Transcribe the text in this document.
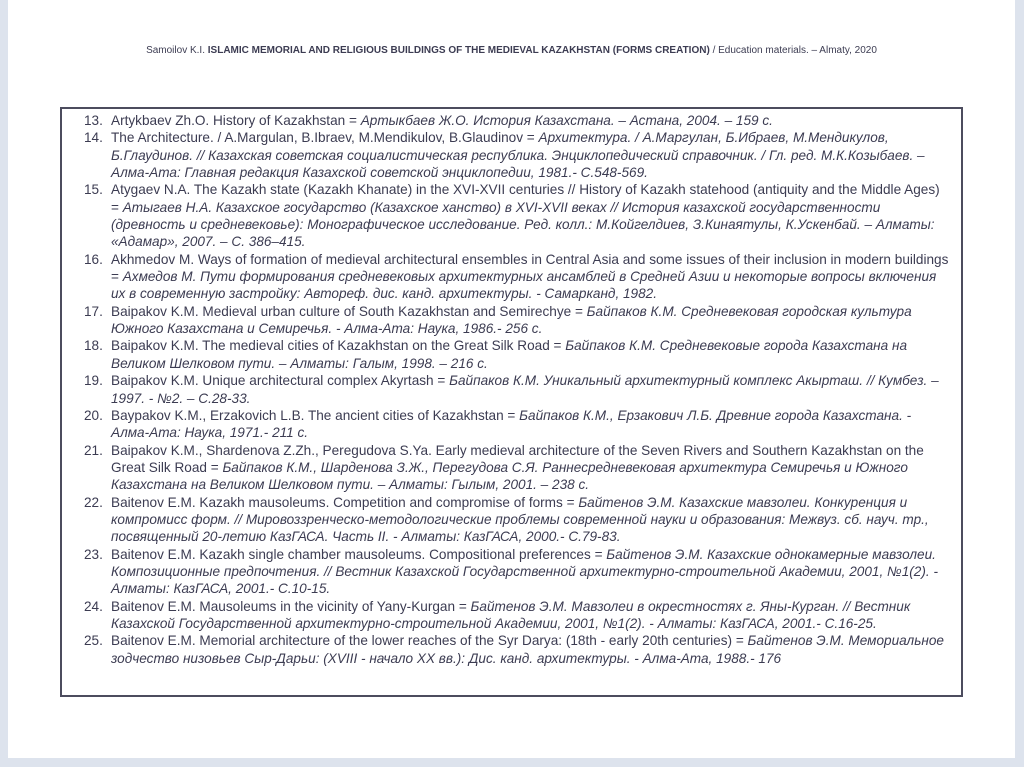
Samoilov K.I. ISLAMIC MEMORIAL AND RELIGIOUS BUILDINGS OF THE MEDIEVAL KAZAKHSTAN (FORMS CREATION) / Education materials. – Almaty, 2020
13. Artykbaev Zh.O. History of Kazakhstan = Артыкбаев Ж.О. История Казахстана. – Астана, 2004. – 159 с.
14. The Architecture. / A.Margulan, B.Ibraev, M.Mendikulov, B.Glaudinov = Архитектура. / А.Маргулан, Б.Ибраев, М.Мендикулов, Б.Глаудинов. // Казахская советская социалистическая республика. Энциклопедический справочник. / Гл. ред. М.К.Козыбаев. – Алма-Ата: Главная редакция Казахской советской энциклопедии, 1981.- С.548-569.
15. Atygaev N.A. The Kazakh state (Kazakh Khanate) in the XVI-XVII centuries // History of Kazakh statehood (antiquity and the Middle Ages) = Атыгаев Н.А. Казахское государство (Казахское ханство) в XVI-XVII веках // История казахской государственности (древность и средневековье): Монографическое исследование. Ред. колл.: М.Койгелдиев, З.Кинаятулы, К.Ускенбай. – Алматы: «Адамар», 2007. – С. 386–415.
16. Akhmedov M. Ways of formation of medieval architectural ensembles in Central Asia and some issues of their inclusion in modern buildings = Ахмедов М. Пути формирования средневековых архитектурных ансамблей в Средней Азии и некоторые вопросы включения их в современную застройку: Автореф. дис. канд. архитектуры. - Самарканд, 1982.
17. Baipakov K.M. Medieval urban culture of South Kazakhstan and Semirechye = Байпаков К.М. Средневековая городская культура Южного Казахстана и Семиречья. - Алма-Ата: Наука, 1986.- 256 с.
18. Baipakov K.M. The medieval cities of Kazakhstan on the Great Silk Road = Байпаков К.М. Средневековые города Казахстана на Великом Шелковом пути. – Алматы: Галым, 1998. – 216 с.
19. Baipakov K.M. Unique architectural complex Akyrtash = Байпаков К.М. Уникальный архитектурный комплекс Акырташ. // Кумбез. – 1997. - №2. – С.28-33.
20. Baypakov K.M., Erzakovich L.B. The ancient cities of Kazakhstan = Байпаков К.М., Ерзакович Л.Б. Древние города Казахстана. - Алма-Ата: Наука, 1971.- 211 с.
21. Baipakov K.M., Shardenova Z.Zh., Peregudova S.Ya. Early medieval architecture of the Seven Rivers and Southern Kazakhstan on the Great Silk Road = Байпаков К.М., Шарденова З.Ж., Перегудова С.Я. Раннесредневековая архитектура Семиречья и Южного Казахстана на Великом Шелковом пути. – Алматы: Гылым, 2001. – 238 с.
22. Baitenov E.M. Kazakh mausoleums. Competition and compromise of forms = Байтенов Э.М. Казахские мавзолеи. Конкуренция и компромисс форм. // Мировоззренческо-методологические проблемы современной науки и образования: Межвуз. сб. науч. тр., посвященный 20-летию КазГАСА. Часть II. - Алматы: КазГАСА, 2000.- С.79-83.
23. Baitenov E.M. Kazakh single chamber mausoleums. Compositional preferences = Байтенов Э.М. Казахские однокамерные мавзолеи. Композиционные предпочтения. // Вестник Казахской Государственной архитектурно-строительной Академии, 2001, №1(2). - Алматы: КазГАСА, 2001.- С.10-15.
24. Baitenov E.M. Mausoleums in the vicinity of Yany-Kurgan = Байтенов Э.М. Мавзолеи в окрестностях г. Яны-Курган. // Вестник Казахской Государственной архитектурно-строительной Академии, 2001, №1(2). - Алматы: КазГАСА, 2001.- С.16-25.
25. Baitenov E.M. Memorial architecture of the lower reaches of the Syr Darya: (18th - early 20th centuries) = Байтенов Э.М. Мемориальное зодчество низовьев Сыр-Дарьи: (XVIII - начало XX вв.): Дис. канд. архитектуры. - Алма-Ата, 1988.- 176
